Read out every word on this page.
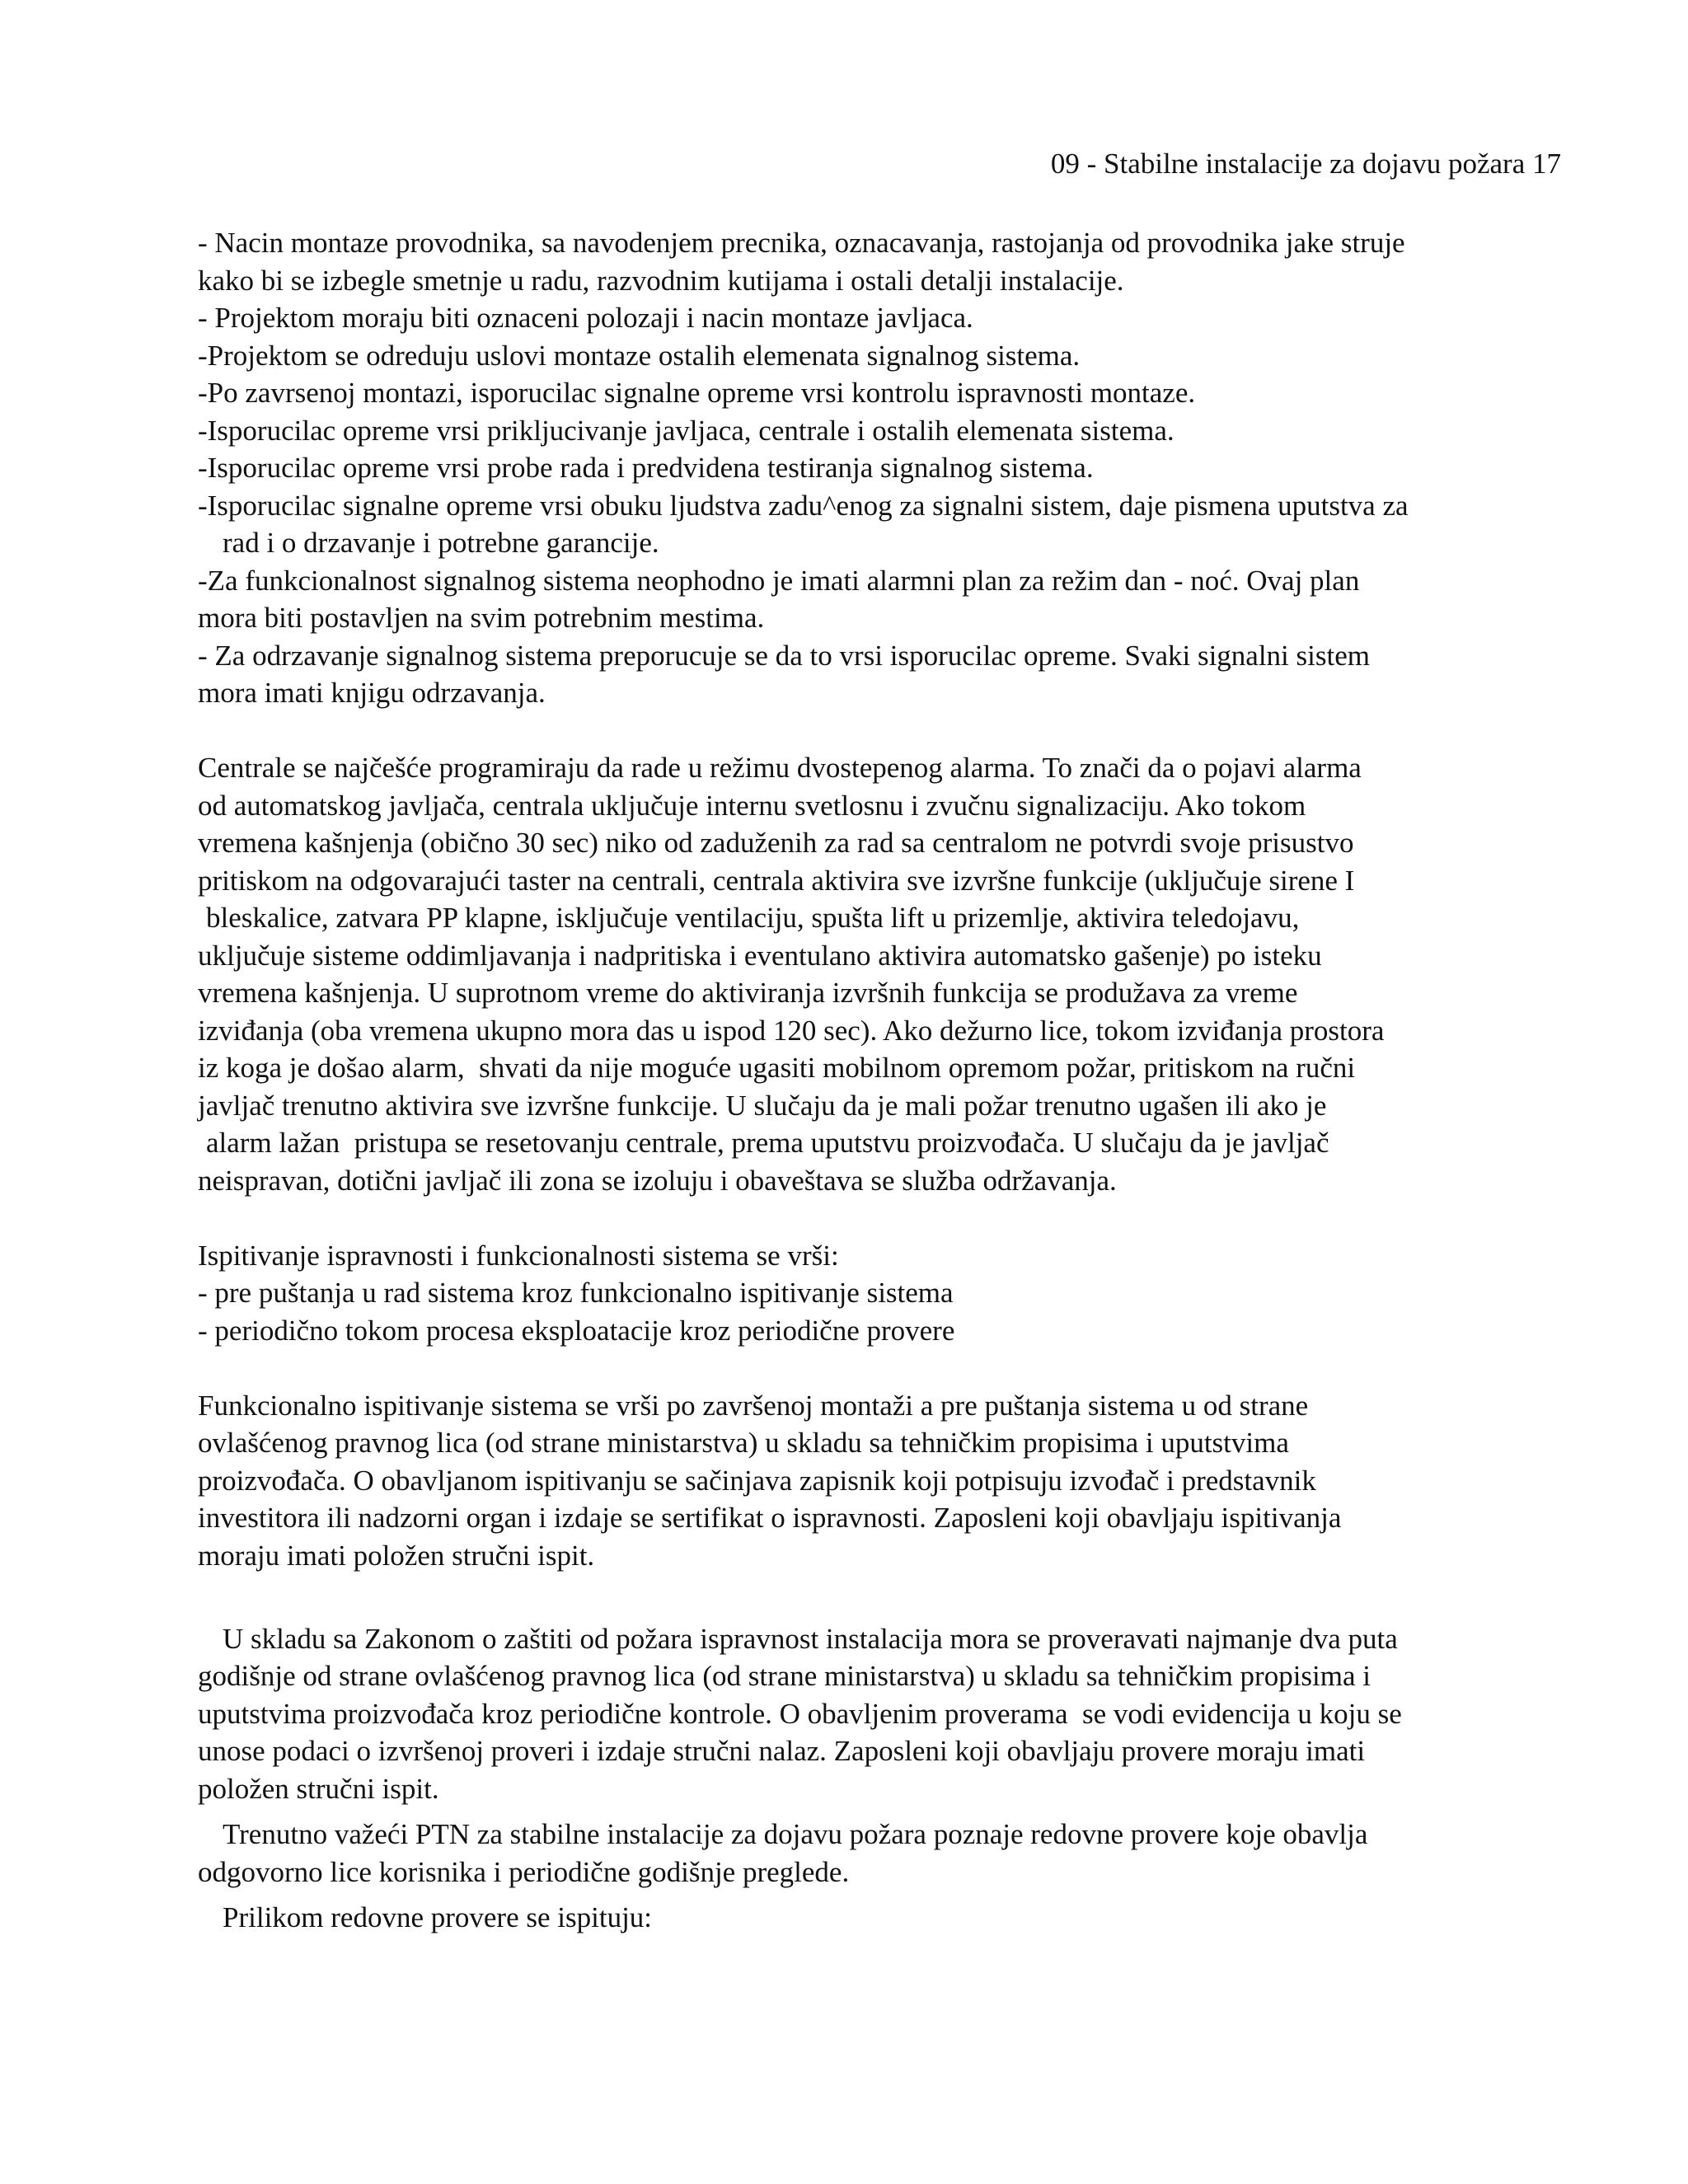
09 - Stabilne instalacije za dojavu požara 17
- Nacin montaze provodnika, sa navodenjem precnika, oznacavanja, rastojanja od provodnika jake struje
kako bi se izbegle smetnje u radu, razvodnim kutijama i ostali detalji instalacije.
- Projektom moraju biti oznaceni polozaji i nacin montaze javljaca.
-Projektom se odreduju uslovi montaze ostalih elemenata signalnog sistema.
-Po zavrsenoj montazi, isporucilac signalne opreme vrsi kontrolu ispravnosti montaze.
-Isporucilac opreme vrsi prikljucivanje javljaca, centrale i ostalih elemenata sistema.
-Isporucilac opreme vrsi probe rada i predvidena testiranja signalnog sistema.
-Isporucilac signalne opreme vrsi obuku ljudstva zadu^enog za signalni sistem, daje pismena uputstva za
rad i o drzavanje i potrebne garancije.
-Za funkcionalnost signalnog sistema neophodno je imati alarmni plan za režim dan - noć. Ovaj plan
mora biti postavljen na svim potrebnim mestima.
- Za odrzavanje signalnog sistema preporucuje se da to vrsi isporucilac opreme. Svaki signalni sistem
mora imati knjigu odrzavanja.
Centrale se najčešće programiraju da rade u režimu dvostepenog alarma. To znači da o pojavi alarma
od automatskog javljača, centrala uključuje internu svetlosnu i zvučnu signalizaciju. Ako tokom
vremena kašnjenja (obično 30 sec) niko od zaduženih za rad sa centralom ne potvrdi svoje prisustvo
pritiskom na odgovarajući taster na centrali, centrala aktivira sve izvršne funkcije (uključuje sirene I
bleskalice, zatvara PP klapne, isključuje ventilaciju, spušta lift u prizemlje, aktivira teledojavu,
uključuje sisteme oddimljavanja i nadpritiska i eventulano aktivira automatsko gašenje) po isteku
vremena kašnjenja. U suprotnom vreme do aktiviranja izvršnih funkcija se produžava za vreme
izviđanja (oba vremena ukupno mora das u ispod 120 sec). Ako dežurno lice, tokom izviđanja prostora
iz koga je došao alarm,  shvati da nije moguće ugasiti mobilnom opremom požar, pritiskom na ručni
javljač trenutno aktivira sve izvršne funkcije. U slučaju da je mali požar trenutno ugašen ili ako je
alarm lažan  pristupa se resetovanju centrale, prema uputstvu proizvođača. U slučaju da je javljač
neispravan, dotični javljač ili zona se izoluju i obaveštava se služba održavanja.
Ispitivanje ispravnosti i funkcionalnosti sistema se vrši:
- pre puštanja u rad sistema kroz funkcionalno ispitivanje sistema
- periodično tokom procesa eksploatacije kroz periodične provere
Funkcionalno ispitivanje sistema se vrši po završenoj montaži a pre puštanja sistema u od strane
ovlašćenog pravnog lica (od strane ministarstva) u skladu sa tehničkim propisima i uputstvima
proizvođača. O obavljanom ispitivanju se sačinjava zapisnik koji potpisuju izvođač i predstavnik
investitora ili nadzorni organ i izdaje se sertifikat o ispravnosti. Zaposleni koji obavljaju ispitivanja
moraju imati položen stručni ispit.
U skladu sa Zakonom o zaštiti od požara ispravnost instalacija mora se proveravati najmanje dva puta
godišnje od strane ovlašćenog pravnog lica (od strane ministarstva) u skladu sa tehničkim propisima i
uputstvima proizvođača kroz periodične kontrole. O obavljenim proverama  se vodi evidencija u koju se
unose podaci o izvršenoj proveri i izdaje stručni nalaz. Zaposleni koji obavljaju provere moraju imati
položen stručni ispit.
Trenutno važeći PTN za stabilne instalacije za dojavu požara poznaje redovne provere koje obavlja
odgovorno lice korisnika i periodične godišnje preglede.
Prilikom redovne provere se ispituju:
